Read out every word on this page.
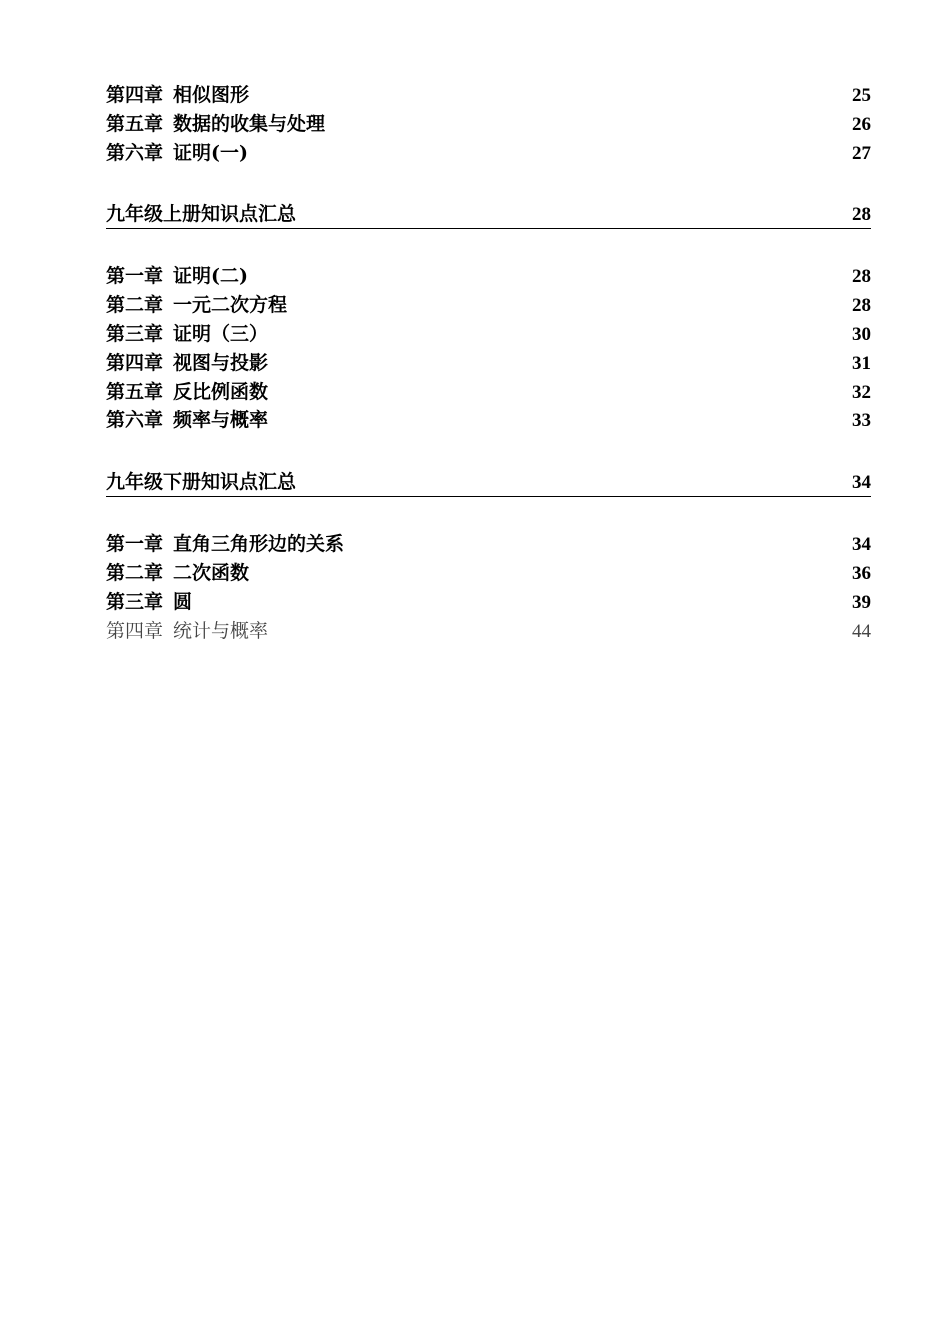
第四章 相似图形	25
第五章 数据的收集与处理	26
第六章 证明(一)	27
九年级上册知识点汇总	28
第一章 证明(二)	28
第二章 一元二次方程	28
第三章 证明（三）	30
第四章 视图与投影	31
第五章 反比例函数	32
第六章 频率与概率	33
九年级下册知识点汇总	34
第一章 直角三角形边的关系	34
第二章 二次函数	36
第三章 圆	39
第四章 统计与概率	44
